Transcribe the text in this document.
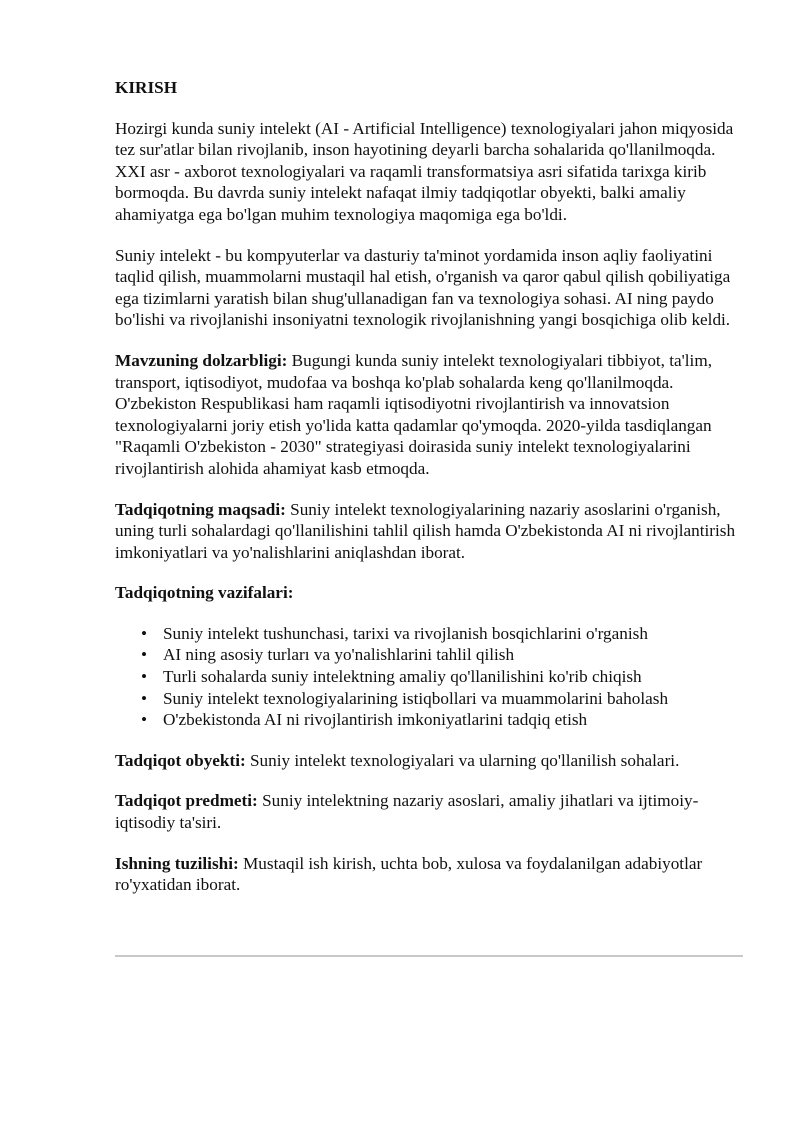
KIRISH

Hozirgi kunda suniy intelekt (AI - Artificial Intelligence) texnologiyalari jahon miqyosida tez sur'atlar bilan rivojlanib, inson hayotining deyarli barcha sohalarida qo'llanilmoqda. XXI asr - axborot texnologiyalari va raqamli transformatsiya asri sifatida tarixga kirib bormoqda. Bu davrda suniy intelekt nafaqat ilmiy tadqiqotlar obyekti, balki amaliy ahamiyatga ega bo'lgan muhim texnologiya maqomiga ega bo'ldi.

Suniy intelekt - bu kompyuterlar va dasturiy ta'minot yordamida inson aqliy faoliyatini taqlid qilish, muammolarni mustaqil hal etish, o'rganish va qaror qabul qilish qobiliyatiga ega tizimlarni yaratish bilan shug'ullanadigan fan va texnologiya sohasi. AI ning paydo bo'lishi va rivojlanishi insoniyatni texnologik rivojlanishning yangi bosqichiga olib keldi.

Mavzuning dolzarbligi: Bugungi kunda suniy intelekt texnologiyalari tibbiyot, ta'lim, transport, iqtisodiyot, mudofaa va boshqa ko'plab sohalarda keng qo'llanilmoqda. O'zbekiston Respublikasi ham raqamli iqtisodiyotni rivojlantirish va innovatsion texnologiyalarni joriy etish yo'lida katta qadamlar qo'ymoqda. 2020-yilda tasdiqlangan "Raqamli O'zbekiston - 2030" strategiyasi doirasida suniy intelekt texnologiyalarini rivojlantirish alohida ahamiyat kasb etmoqda.

Tadqiqotning maqsadi: Suniy intelekt texnologiyalarining nazariy asoslarini o'rganish, uning turli sohalardagi qo'llanilishini tahlil qilish hamda O'zbekistonda AI ni rivojlantirish imkoniyatlari va yo'nalishlarini aniqlashdan iborat.

Tadqiqotning vazifalari:

• Suniy intelekt tushunchasi, tarixi va rivojlanish bosqichlarini o'rganish
• AI ning asosiy turları va yo'nalishlarini tahlil qilish
• Turli sohalarda suniy intelektning amaliy qo'llanilishini ko'rib chiqish
• Suniy intelekt texnologiyalarining istiqbollari va muammolarini baholash
• O'zbekistonda AI ni rivojlantirish imkoniyatlarini tadqiq etish

Tadqiqot obyekti: Suniy intelekt texnologiyalari va ularning qo'llanilish sohalari.

Tadqiqot predmeti: Suniy intelektning nazariy asoslari, amaliy jihatlari va ijtimoiy-iqtisodiy ta'siri.

Ishning tuzilishi: Mustaqil ish kirish, uchta bob, xulosa va foydalanilgan adabiyotlar ro'yxatidan iborat.
